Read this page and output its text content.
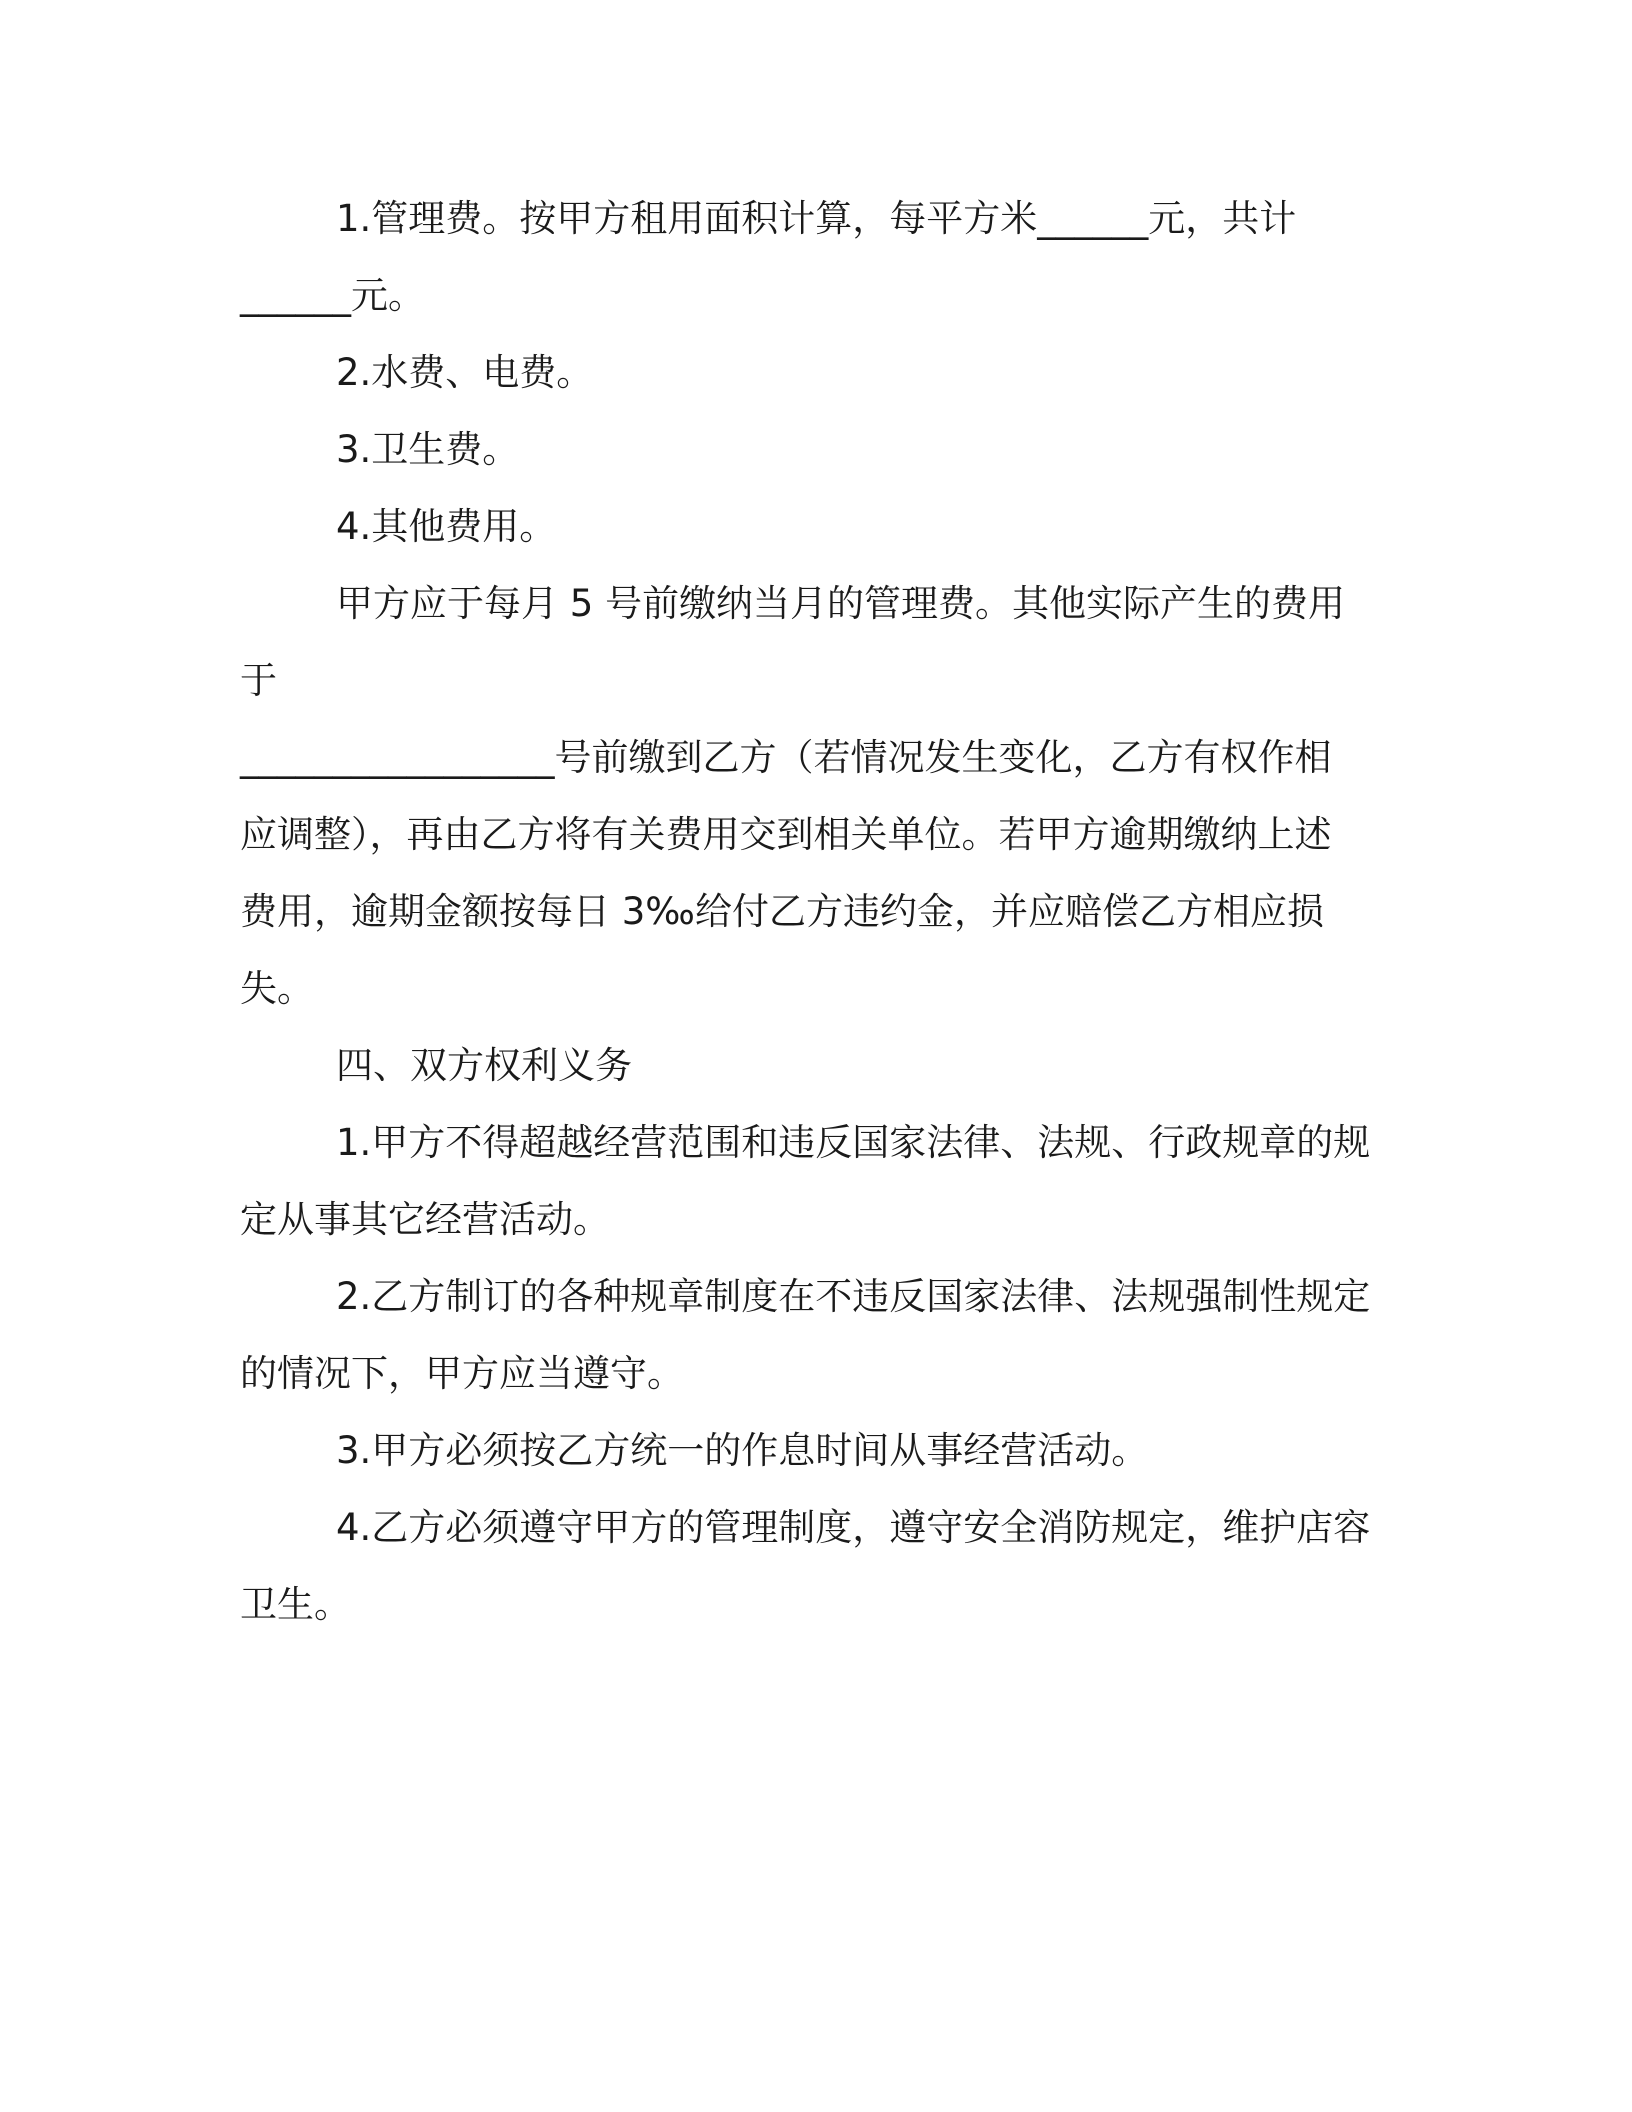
1.管理费。按甲方租用面积计算，每平方米______元，共计

______元。

2.水费、电费。

3.卫生费。

4.其他费用。

甲方应于每月 5 号前缴纳当月的管理费。其他实际产生的费用于

_________________号前缴到乙方（若情况发生变化，乙方有权作相

应调整），再由乙方将有关费用交到相关单位。若甲方逾期缴纳上述

费用，逾期金额按每日 3‰给付乙方违约金，并应赔偿乙方相应损失。

四、双方权利义务

1.甲方不得超越经营范围和违反国家法律、法规、行政规章的规

定从事其它经营活动。

2.乙方制订的各种规章制度在不违反国家法律、法规强制性规定

的情况下，甲方应当遵守。

3.甲方必须按乙方统一的作息时间从事经营活动。

4.乙方必须遵守甲方的管理制度，遵守安全消防规定，维护店容

卫生。
